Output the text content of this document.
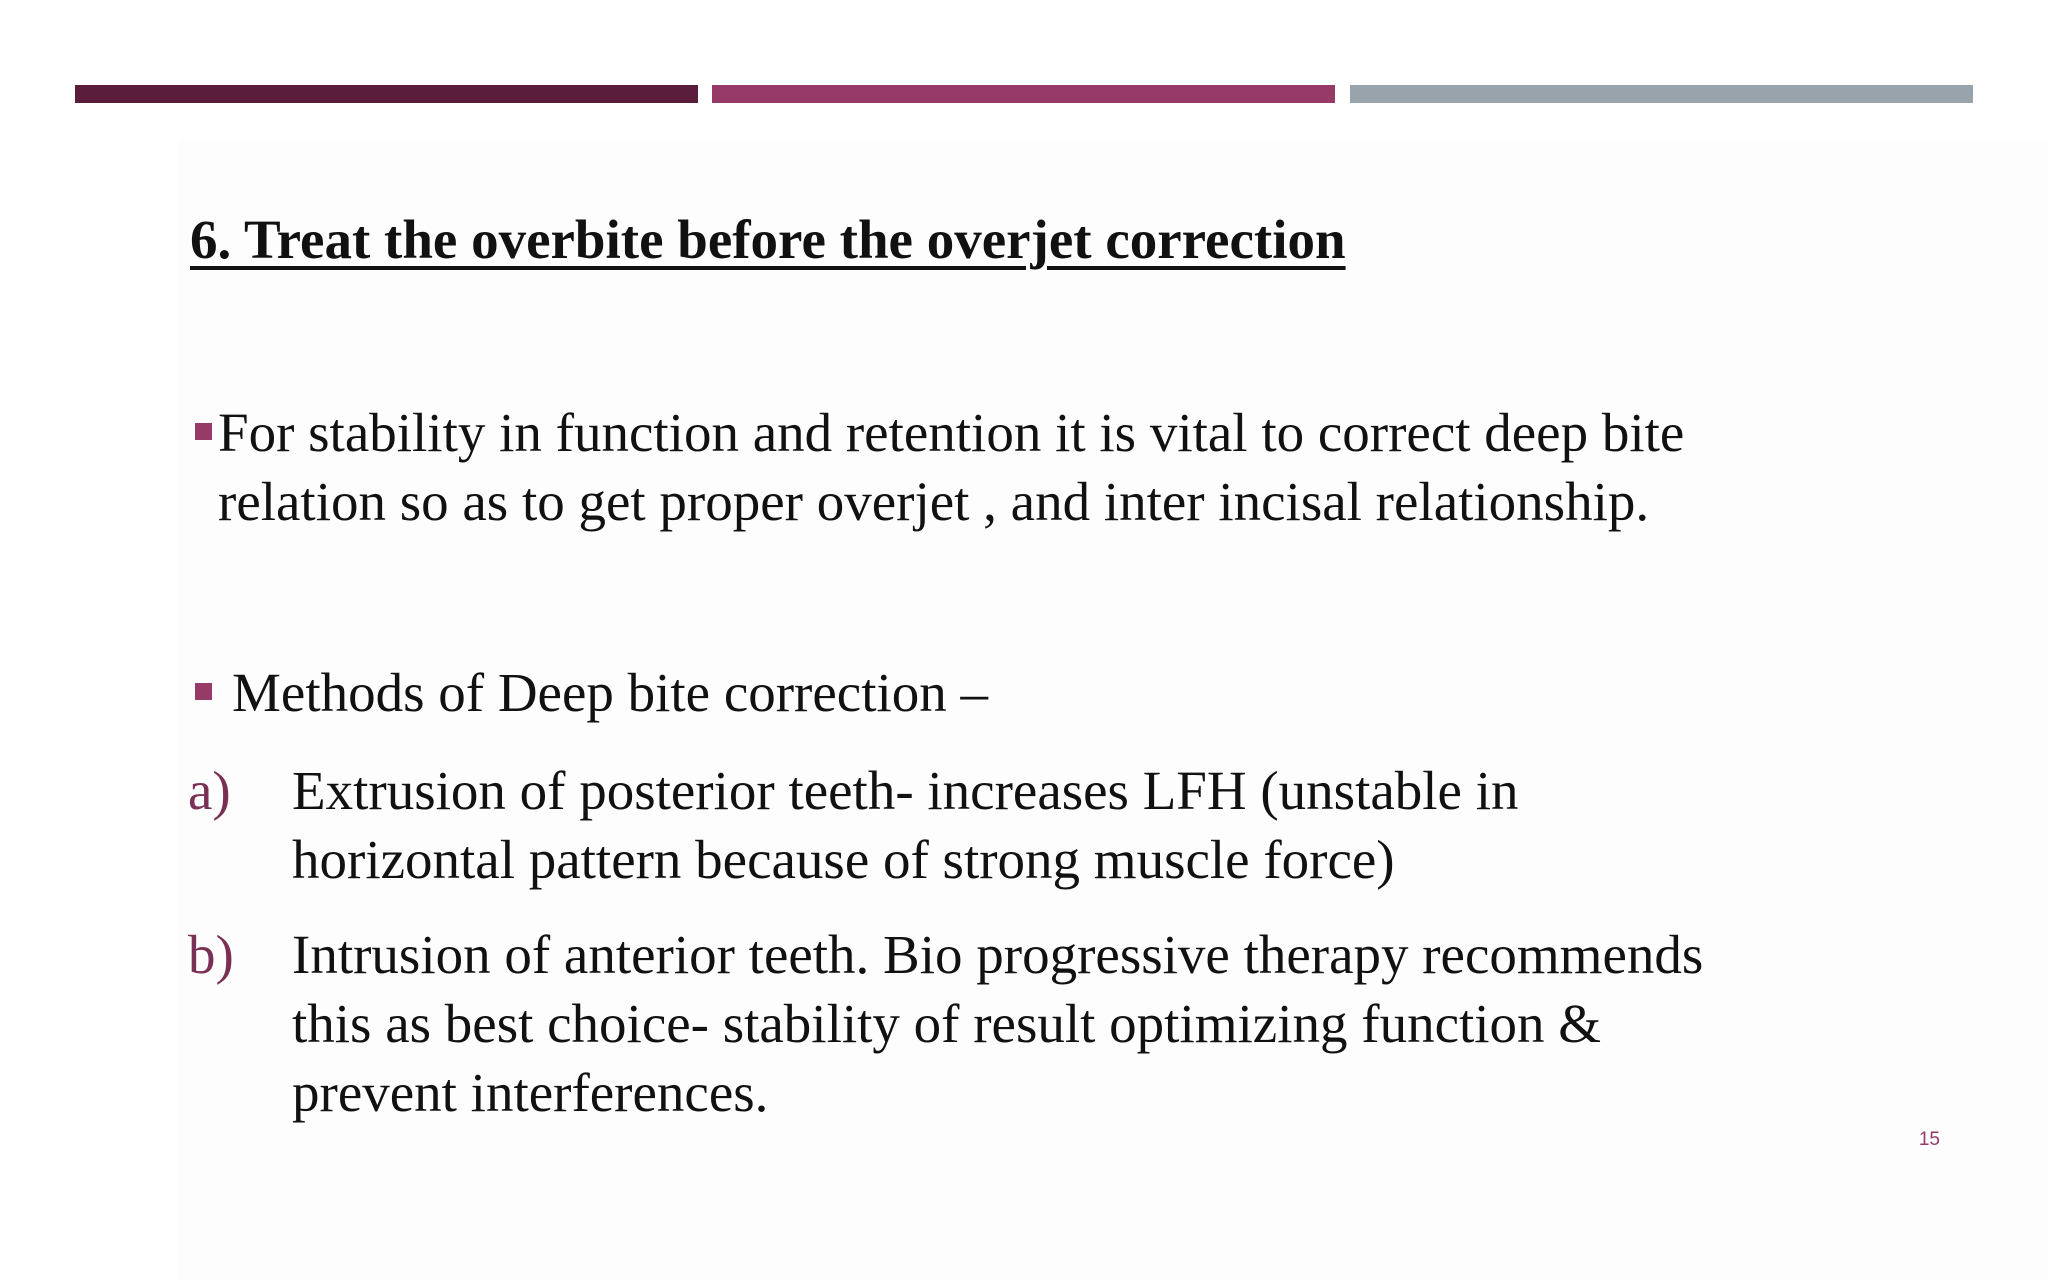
6. Treat the overbite before the overjet correction
For stability in function and retention it is vital to correct deep bite
relation so as to get proper overjet , and inter incisal relationship.
Methods of Deep bite correction –
a) Extrusion of posterior teeth- increases LFH (unstable in
horizontal pattern because of strong muscle force)
b) Intrusion of anterior teeth. Bio progressive therapy recommends
this as best choice- stability of result optimizing function &
prevent interferences.
15
